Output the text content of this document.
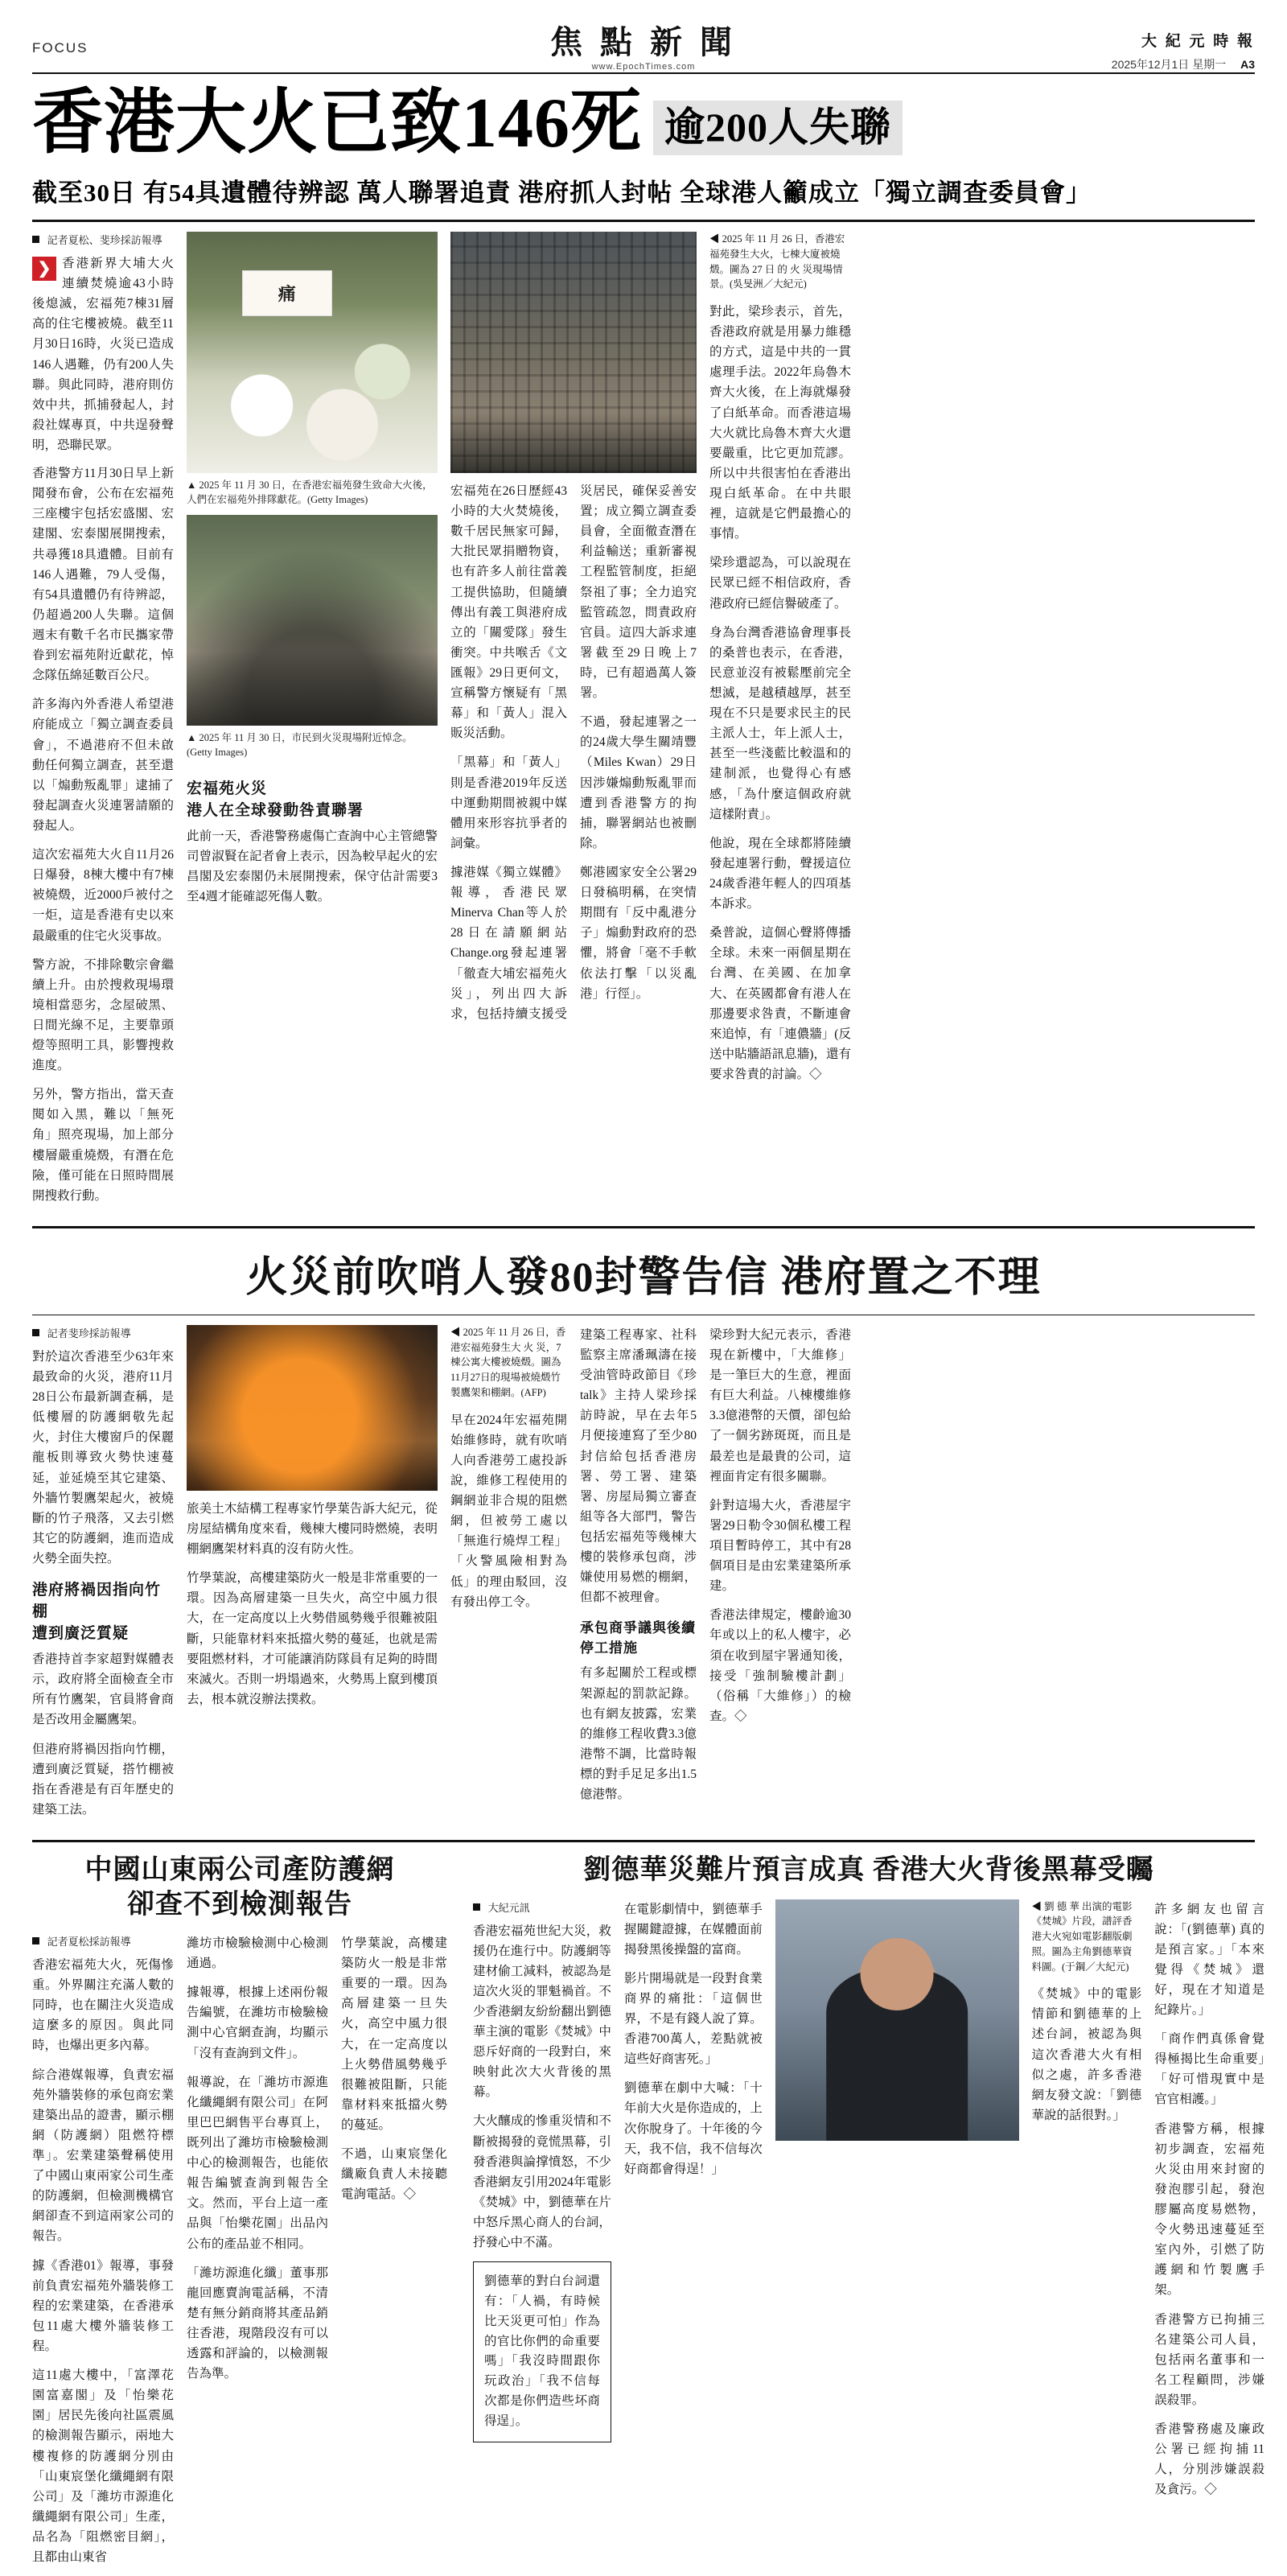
FOCUS	焦 點 新 聞
www.EpochTimes.com
大 紀 元 時 報
2025年12月1日 星期一 A3
香港大火已致146死 逾200人失聯
截至30日 有54具遺體待辨認 萬人聯署追責 港府抓人封帖 全球港人籲成立「獨立調查委員會」
記者夏松、斐珍採訪報導
❯ 香港新界大埔大火連續焚燒逾43小時後熄滅，宏福苑7棟31層高的住宅樓被燒。截至11月30日16時，火災已造成146人遇難，仍有200人失聯。與此同時，港府則仿效中共，抓捕發起人，封殺社媒專頁，中共逞發聲明，恐聯民眾。

香港警方11月30日早上新聞發布會，公布在宏福苑三座樓宇包括宏盛閣、宏建閣、宏泰閣展開搜索，共尋獲18具遺體。目前有146人遇難，79人受傷，有54具遺體仍有待辨認，仍超過200人失聯。這個週末有數千名市民攜家帶眷到宏福苑附近獻花，悼念隊伍綿延數百公尺。

許多海內外香港人希望港府能成立「獨立調查委員會」，不過港府不但未啟動任何獨立調查，甚至還以「煽動叛亂罪」逮捕了發起調查火災連署請願的發起人。

這次宏福苑大火自11月26日爆發，8棟大樓中有7棟被燒燬，近2000戶被付之一炬，這是香港有史以來最嚴重的住宅火災事故。

警方說，不排除數宗會繼續上升。由於搜救現場環境相當惡劣，念屋破黑、日間光線不足，主要靠頭燈等照明工具，影響搜救進度。

另外，警方指出，當天查閱如入黑，難以「無死角」照亮現場，加上部分樓層嚴重燒燬，有潛在危險，僅可能在日照時間展開搜救行動。

痛
▲ 2025 年 11 月 30 日，在香港宏福苑發生致命大火後，人們在宏福苑外排隊獻花。(Getty Images)
▲ 2025 年 11 月 30 日，市民到火災現場附近悼念。(Getty Images)
宏福苑火災
港人在全球發動咎責聯署

此前一天，香港警務處傷亡查詢中心主管總警司曾淑賢在記者會上表示，因為較早起火的宏昌閣及宏泰閣仍未展開搜索，保守估計需要3至4週才能確認死傷人數。

宏福苑在26日歷經43小時的大火焚燒後，數千居民無家可歸，大批民眾捐贈物資，也有許多人前往當義工提供協助，但隨續傳出有義工與港府成立的「關愛隊」發生衝突。中共喉舌《文匯報》29日更何文，宣稱警方懷疑有「黑幕」和「黃人」混入販災活動。

「黑幕」和「黃人」則是香港2019年反送中運動期間被親中媒體用來形容抗爭者的詞彙。

據港媒《獨立媒體》報導，香港民眾Minerva Chan等人於28日在請願網站Change.org發起連署「徹查大埔宏福苑火災」，列出四大訴求，包括持續支援受災居民，確保妥善安置；成立獨立調查委員會，全面徹查潛在利益輸送；重新審視工程監管制度，拒絕祭祖了事；全力追究監管疏忽，問責政府官員。這四大訴求連署截至29日晚上7時，已有超過萬人簽署。

不過，發起連署之一的24歲大學生關靖豐（Miles Kwan）29日因涉嫌煽動叛亂罪而遭到香港警方的拘捕，聯署網站也被刪除。

鄭港國家安全公署29日發稿明稱，在突情期間有「反中亂港分子」煽動對政府的恐懼，將會「毫不手軟依法打擊「以災亂港」行徑」。

◀ 2025 年 11 月 26 日，香港宏福苑發生大火，七棟大廈被燒燬。圖為 27 日 的 火 災現場情景。(吳旻洲／大紀元)

對此，梁珍表示，首先，香港政府就是用暴力維穩的方式，這是中共的一貫處理手法。2022年烏魯木齊大火後，在上海就爆發了白紙革命。而香港這場大火就比烏魯木齊大火還要嚴重，比它更加荒謬。所以中共很害怕在香港出現白紙革命。在中共眼裡，這就是它們最擔心的事情。

梁珍還認為，可以說現在民眾已經不相信政府，香港政府已經信譽破產了。

身為台灣香港協會理事長的桑普也表示，在香港，民意並沒有被鬆壓前完全想滅，是越積越厚，甚至現在不只是要求民主的民主派人士，年上派人士，甚至一些淺藍比較溫和的建制派，也覺得心有感感，「為什麼這個政府就這樣附責」。

他說，現在全球都將陸續發起連署行動，聲援這位24歲香港年輕人的四項基本訴求。

桑普說，這個心聲將傳播全球。未來一兩個星期在台灣、在美國、在加拿大、在英國都會有港人在那邊要求咎責，不斷連會來追悼，有「連儂牆」(反送中貼牆語訊息牆)，還有要求咎責的討論。◇

火災前吹哨人發80封警告信 港府置之不理
記者斐珍採訪報導

對於這次香港至少63年來最致命的火災，港府11月28日公布最新調查稱，是低樓層的防護網敬先起火，封住大樓窗戶的保麗龍板則導致火勢快速蔓延，並延燒至其它建築、外牆竹製鷹架起火，被燒斷的竹子飛落，又去引燃其它的防護網，進而造成火勢全面失控。

港府將禍因指向竹棚
遭到廣泛質疑

香港持首李家超對媒體表示，政府將全面檢查全市所有竹鷹架，官員將會商是否改用金屬鷹架。

但港府將禍因指向竹棚，遭到廣泛質疑，搭竹棚被指在香港是有百年歷史的建築工法。

旅美土木結構工程專家竹學葉告訴大紀元，從房屋結構角度來看，幾棟大樓同時燃燒，表明棚網鷹架材料真的沒有防火性。

竹學葉說，高樓建築防火一般是非常重要的一環。因為高層建築一旦失火，高空中風力很大，在一定高度以上火勢借風勢幾乎很難被阻斷，只能靠材料來抵擋火勢的蔓延，也就是需要阻燃材料，才可能讓消防隊員有足夠的時間來滅火。否則一坍塌過來，火勢馬上竄到樓頂去，根本就沒辦法撲救。

◀ 2025 年 11 月 26 日，香港宏福苑發生大 火 災，7 棟公寓大樓被燒燬。圖為11月27日的現場被燒燬竹製鷹架和棚網。(AFP)

早在2024年宏福苑開始維修時，就有吹哨人向香港勞工處投訴說，維修工程使用的鋼網並非合規的阻燃網，但被勞工處以「無進行燒焊工程」「火警風險相對為低」的理由駁回，沒有發出停工令。

建築工程專家、社科監察主席潘珮濤在接受油管時政節目《珍talk》主持人梁珍採訪時說，早在去年5月便接連寫了至少80封信給包括香港房署、勞工署、建築署、房屋局獨立審查組等各大部門，警告包括宏福苑等幾棟大樓的裝修承包商，涉嫌使用易燃的棚網，但都不被理會。

承包商爭議與後續停工措施

有多起關於工程或標架源起的罰款記錄。也有網友披露，宏業的維修工程收費3.3億港幣不調，比當時報標的對手足足多出1.5億港幣。

梁珍對大紀元表示，香港現在新樓中，「大維修」是一筆巨大的生意，裡面有巨大利益。八棟樓維修3.3億港幣的天價，卻包給了一個劣跡斑斑，而且是最差也是最貴的公司，這裡面肯定有很多關聯。

針對這場大火，香港屋宇署29日勒令30個私樓工程項目暫時停工，其中有28個項目是由宏業建築所承建。

香港法律規定，樓齡逾30年或以上的私人樓宇，必須在收到屋宇署通知後，接受「強制驗樓計劃」（俗稱「大維修」）的檢查。◇

中國山東兩公司產防護網
卻查不到檢測報告
記者夏松採訪報導

香港宏福苑大火，死傷慘重。外界關注充滿人數的同時，也在關注火災造成這麼多的原因。與此同時，也爆出更多內幕。

綜合港媒報導，負責宏福苑外牆裝修的承包商宏業建築出品的證書，顯示棚網（防護網）阻燃符標準」。宏業建築聲稱使用了中國山東兩家公司生產的防護網，但檢測機構官網卻查不到這兩家公司的報告。

據《香港01》報導，事發前負責宏福苑外牆裝修工程的宏業建築，在香港承包11處大樓外牆装修工程。

這11處大樓中，「富澤花園富嘉閣」及「怡樂花園」居民先後向社區震風的檢測報告顯示，兩地大樓複修的防護網分別由「山東宸堡化纖繩網有限公司」及「濰坊市源進化纖繩網有限公司」生產，品名為「阻燃密目網」，且都由山東省

濰坊市檢驗檢測中心檢測通過。

據報導，根據上述兩份報告編號，在濰坊市檢驗檢測中心官網查詢，均顯示「沒有查詢到文件」。

報導說，在「濰坊市源進化纖繩網有限公司」在阿里巴巴網售平台專頁上，既列出了濰坊市檢驗檢測中心的檢測報告，也能依報告編號查詢到報告全文。然而，平台上這一產品與「怡樂花園」出品內公布的產品並不相同。

「濰坊源進化纖」董事那龍回應賣詢電話稱，不清楚有無分銷商將其產品銷往香港，現階段沒有可以透露和評論的，以檢測報告為準。

竹學葉說，高樓建築防火一般是非常重要的一環。因為高層建築一旦失火，高空中風力很大，在一定高度以上火勢借風勢幾乎很難被阻斷，只能靠材料來抵擋火勢的蔓延。

不過，山東宸堡化纖廠負責人未接聽電詢電話。◇

劉德華災難片預言成真 香港大火背後黑幕受矚
大紀元訊

香港宏福苑世紀大災，救援仍在進行中。防護網等建材偷工減料，被認為是這次火災的罪魁禍首。不少香港網友紛紛翻出劉德華主演的電影《焚城》中惡斥好商的一段對白，來映射此次大火背後的黑幕。

大火釀成的慘重災情和不斷被揭發的竟慌黑幕，引發香港與論撑憤怒，不少香港網友引用2024年電影《焚城》中，劉德華在片中怒斥黑心商人的台詞，抒發心中不滿。

劉德華的對白台詞還有：「人禍，有時候比天災更可怕」作為的官比你們的命重要嗎」「我沒時間跟你玩政治」「我不信每次都是你們造些坏商得逞」。

在電影劇情中，劉德華手握關鍵證據，在媒體面前揭發黑後操盤的富商。

影片開場就是一段對食業商界的痛批：「這個世界，不是有錢人說了算。香港700萬人，差點就被這些好商害死。」

劉德華在劇中大喊：「十年前大火是你造成的，上次你脫身了。十年後的今天，我不信，我不信每次好商都會得逞！」

◀ 劉 德 華 出演的電影《焚城》片段，譜評香港大火宛如電影翻版劇照。圖為主角劉德華資料圖。(于鋼／大紀元)

《焚城》中的電影情節和劉德華的上述台詞，被認為與這次香港大火有相似之處，許多香港網友發文說：「劉德華說的話很對。」

許多網友也留言說：「(劉德華) 真的是預言家。」「本來覺得《焚城》還好，現在才知道是紀錄片。」

「商作們真係會覺得極揭比生命重要」「好可惜現實中是官官相護。」

香港警方稱，根據初步調查，宏福苑火災由用來封窗的發泡膠引起，發泡膠屬高度易燃物，令火勢迅速蔓延至室內外，引燃了防護網和竹製鷹手架。

香港警方已拘捕三名建築公司人員，包括兩名董事和一名工程顧問，涉嫌誤殺罪。

香港警務處及廉政公署已經拘捕11人，分別涉嫌誤殺及貪污。◇
